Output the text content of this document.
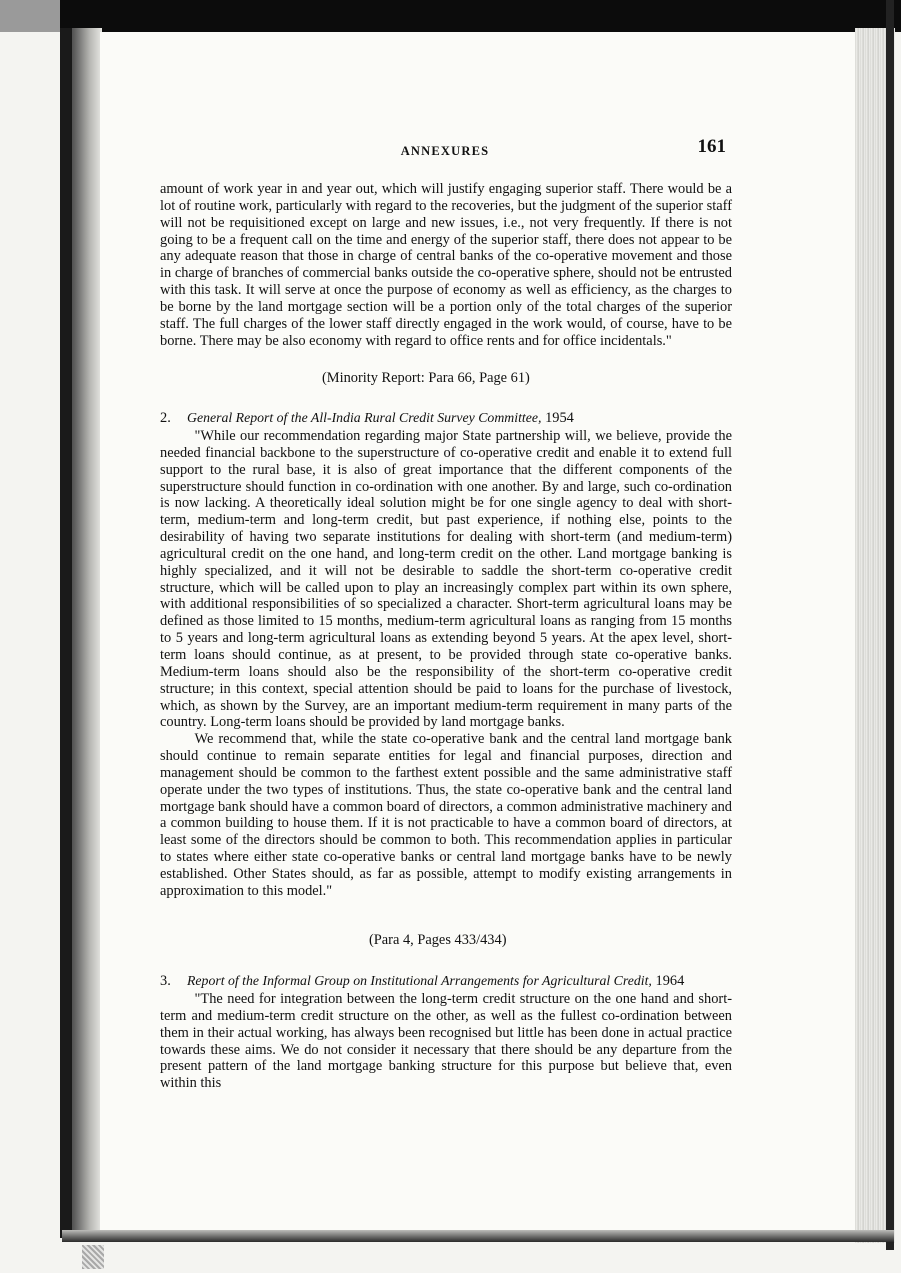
ANNEXURES	161

amount of work year in and year out, which will justify engaging superior staff. There would be a lot of routine work, particularly with regard to the recoveries, but the judgment of the superior staff will not be requisitioned except on large and new issues, i.e., not very frequently. If there is not going to be a frequent call on the time and energy of the superior staff, there does not appear to be any adequate reason that those in charge of central banks of the co-operative movement and those in charge of branches of commercial banks outside the co-operative sphere, should not be entrusted with this task. It will serve at once the purpose of economy as well as efficiency, as the charges to be borne by the land mortgage section will be a portion only of the total charges of the superior staff. The full charges of the lower staff directly engaged in the work would, of course, have to be borne. There may be also economy with regard to office rents and for office incidentals."

(Minority Report: Para 66, Page 61)
2. General Report of the All-India Rural Credit Survey Committee, 1954

"While our recommendation regarding major State partnership will, we believe, provide the needed financial backbone to the superstructure of co-operative credit and enable it to extend full support to the rural base, it is also of great importance that the different components of the superstructure should function in co-ordination with one another. By and large, such co-ordination is now lacking. A theoretically ideal solution might be for one single agency to deal with short-term, medium-term and long-term credit, but past experience, if nothing else, points to the desirability of having two separate institutions for dealing with short-term (and medium-term) agricultural credit on the one hand, and long-term credit on the other. Land mortgage banking is highly specialized, and it will not be desirable to saddle the short-term co-operative credit structure, which will be called upon to play an increasingly complex part within its own sphere, with additional responsibilities of so specialized a character. Short-term agricultural loans may be defined as those limited to 15 months, medium-term agricultural loans as ranging from 15 months to 5 years and long-term agricultural loans as extending beyond 5 years. At the apex level, short-term loans should continue, as at present, to be provided through state co-operative banks. Medium-term loans should also be the responsibility of the short-term co-operative credit structure; in this context, special attention should be paid to loans for the purchase of livestock, which, as shown by the Survey, are an important medium-term requirement in many parts of the country. Long-term loans should be provided by land mortgage banks.

We recommend that, while the state co-operative bank and the central land mortgage bank should continue to remain separate entities for legal and financial purposes, direction and management should be common to the farthest extent possible and the same administrative staff operate under the two types of institutions. Thus, the state co-operative bank and the central land mortgage bank should have a common board of directors, a common administrative machinery and a common building to house them. If it is not practicable to have a common board of directors, at least some of the directors should be common to both. This recommendation applies in particular to states where either state co-operative banks or central land mortgage banks have to be newly established. Other States should, as far as possible, attempt to modify existing arrangements in approximation to this model."

(Para 4, Pages 433/434)
3. Report of the Informal Group on Institutional Arrangements for Agricultural Credit, 1964

"The need for integration between the long-term credit structure on the one hand and short-term and medium-term credit structure on the other, as well as the fullest co-ordination between them in their actual working, has always been recognised but little has been done in actual practice towards these aims. We do not consider it necessary that there should be any departure from the present pattern of the land mortgage banking structure for this purpose but believe that, even within this
